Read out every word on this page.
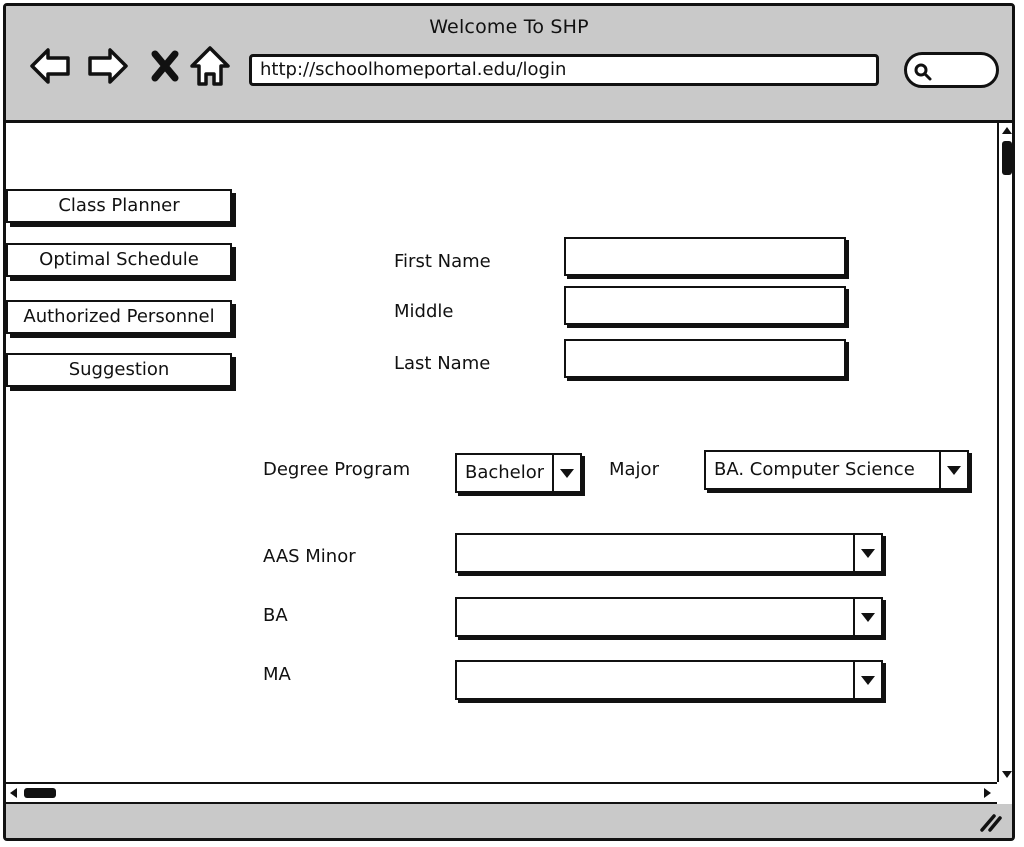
Welcome To SHP
http://schoolhomeportal.edu/login
Class Planner
Optimal Schedule
Authorized Personnel
Suggestion
First Name
Middle
Last Name
Degree Program	Bachelor	Major	BA. Computer Science
AAS Minor
BA
MA
